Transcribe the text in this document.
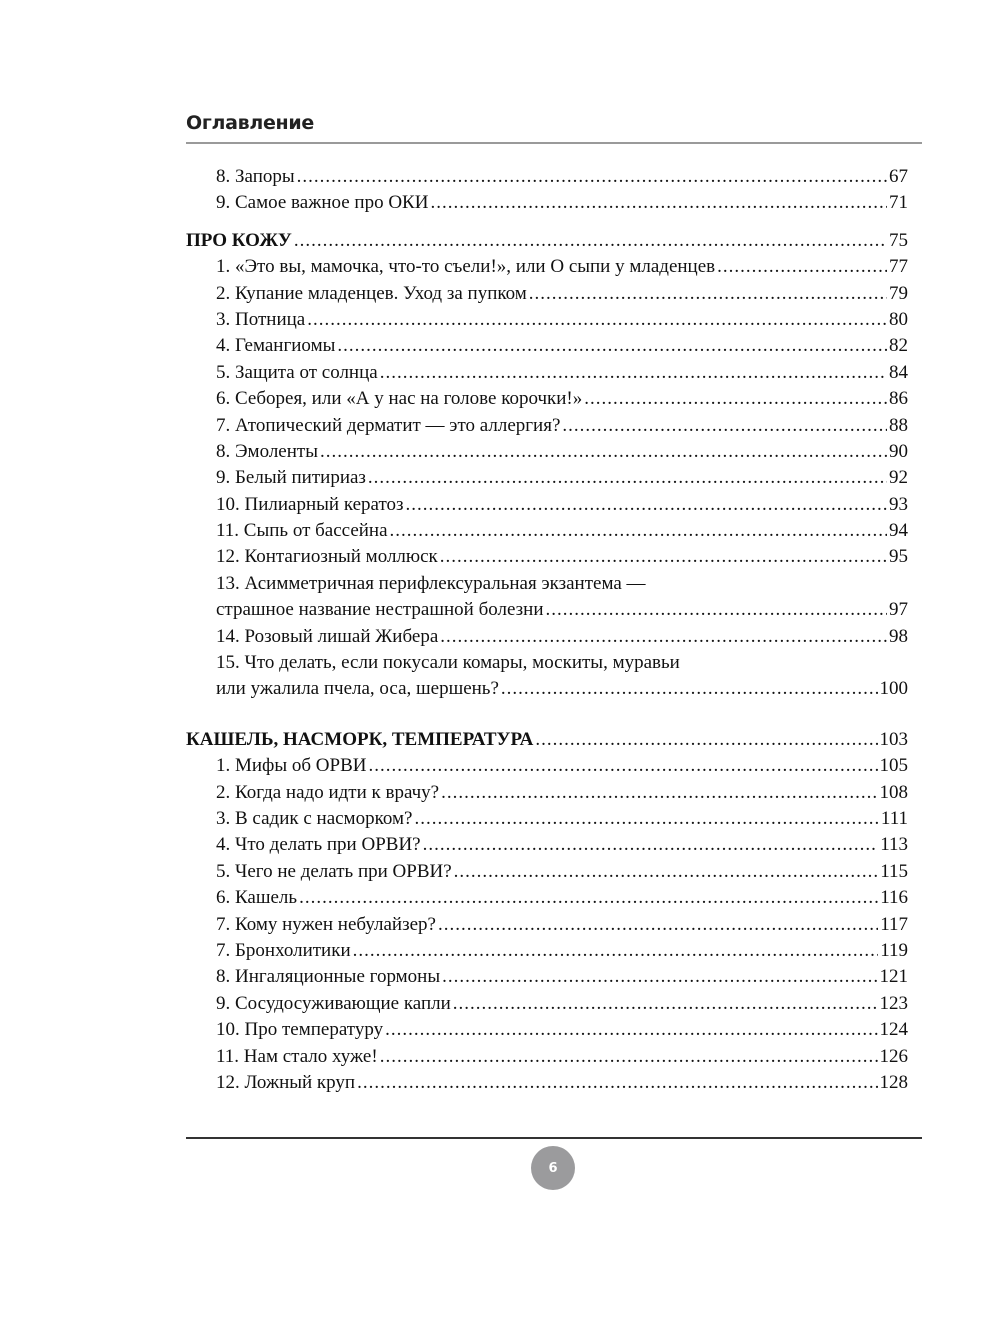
Оглавление
8. Запоры .....	67
9. Самое важное про ОКИ .....	71
ПРО КОЖУ .....	75
1. «Это вы, мамочка, что-то съели!», или О сыпи у младенцев .....	77
2. Купание младенцев. Уход за пупком .....	79
3. Потница .....	80
4. Гемангиомы .....	82
5. Защита от солнца .....	84
6. Себорея, или «А у нас на голове корочки!» .....	86
7. Атопический дерматит — это аллергия? .....	88
8. Эмоленты .....	90
9. Белый питириаз .....	92
10. Пилиарный кератоз .....	93
11. Сыпь от бассейна .....	94
12. Контагиозный моллюск .....	95
13. Асимметричная перифлексуральная экзантема —
страшное название нестрашной болезни .....	97
14. Розовый лишай Жибера .....	98
15. Что делать, если покусали комары, москиты, муравьи
или ужалила пчела, оса, шершень? .....	100
КАШЕЛЬ, НАСМОРК, ТЕМПЕРАТУРА .....	103
1. Мифы об ОРВИ .....	105
2. Когда надо идти к врачу? .....	108
3. В садик с насморком? .....	111
4. Что делать при ОРВИ? .....	113
5. Чего не делать при ОРВИ? .....	115
6. Кашель .....	116
7. Кому нужен небулайзер? .....	117
7. Бронхолитики .....	119
8. Ингаляционные гормоны .....	121
9. Сосудосуживающие капли .....	123
10. Про температуру .....	124
11. Нам стало хуже! .....	126
12. Ложный круп .....	128
6
